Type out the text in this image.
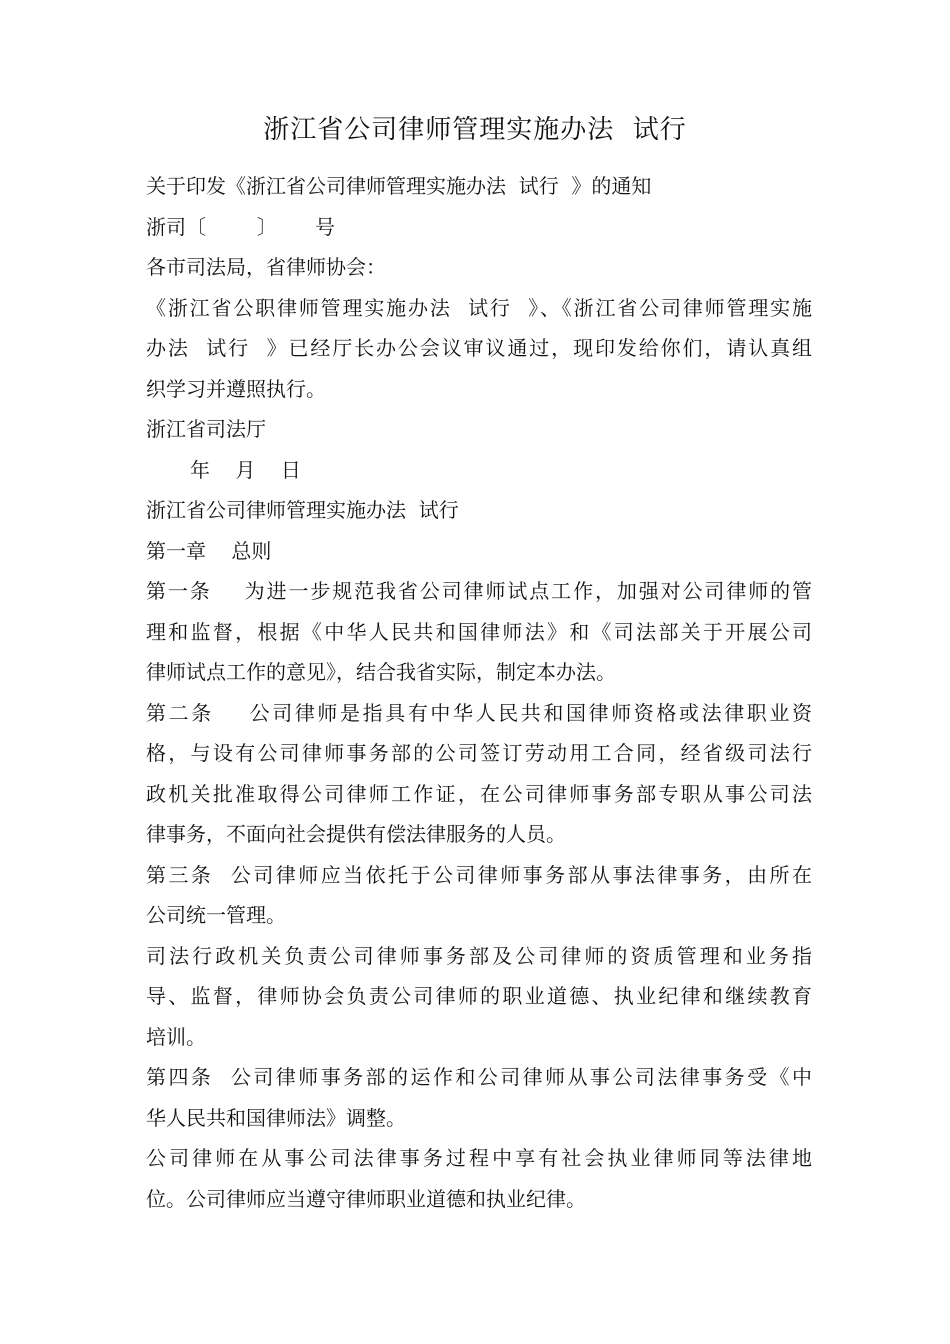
浙江省公司律师管理实施办法  试行
关于印发《浙江省公司律师管理实施办法  试行  》的通知
浙司〔        〕      号
各市司法局，省律师协会：
《浙江省公职律师管理实施办法  试行  》、《浙江省公司律师管理实施
办法  试行  》已经厅长办公会议审议通过，现印发给你们，请认真组
织学习并遵照执行。
浙江省司法厅
年    月    日
浙江省公司律师管理实施办法  试行
第一章    总则
第一条    为进一步规范我省公司律师试点工作，加强对公司律师的管
理和监督，根据《中华人民共和国律师法》和《司法部关于开展公司
律师试点工作的意见》，结合我省实际，制定本办法。
第二条    公司律师是指具有中华人民共和国律师资格或法律职业资
格，与设有公司律师事务部的公司签订劳动用工合同，经省级司法行
政机关批准取得公司律师工作证，在公司律师事务部专职从事公司法
律事务，不面向社会提供有偿法律服务的人员。
第三条  公司律师应当依托于公司律师事务部从事法律事务，由所在
公司统一管理。
司法行政机关负责公司律师事务部及公司律师的资质管理和业务指
导、监督，律师协会负责公司律师的职业道德、执业纪律和继续教育
培训。
第四条  公司律师事务部的运作和公司律师从事公司法律事务受《中
华人民共和国律师法》调整。
公司律师在从事公司法律事务过程中享有社会执业律师同等法律地
位。公司律师应当遵守律师职业道德和执业纪律。
